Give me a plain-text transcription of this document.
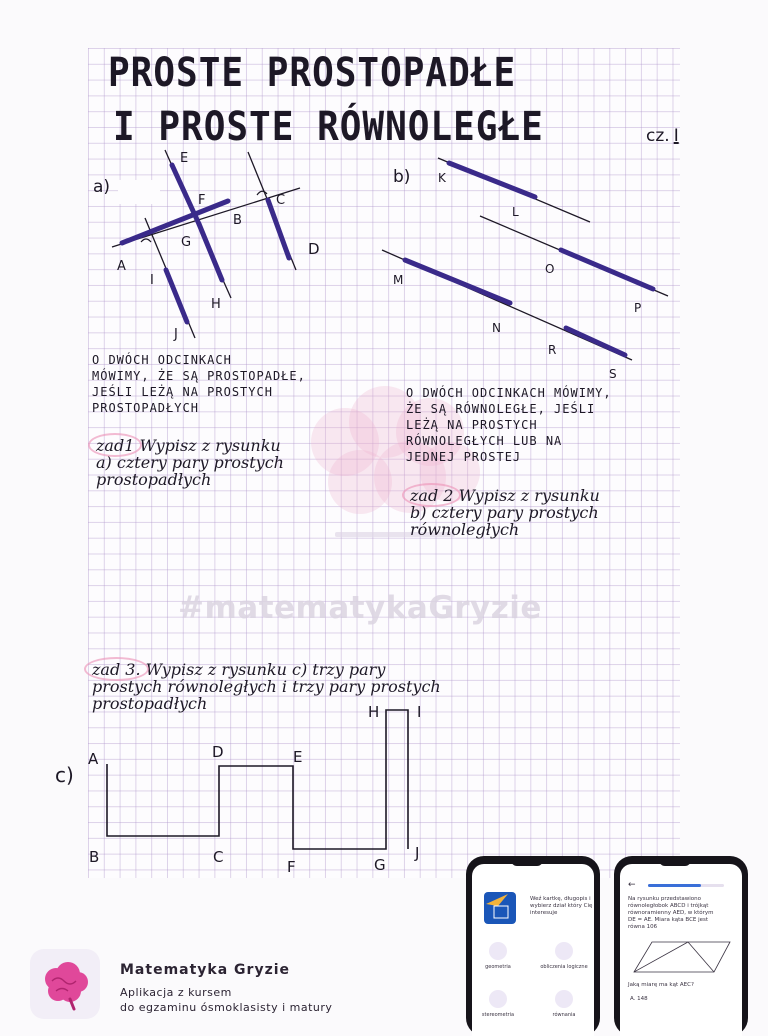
#matematykaGryzie
PROSTE PROSTOPADŁE
I PROSTE RÓWNOLEGŁE	cz. I
a)
E
F	C
B
G	D
A
I
H
J
b) K
L
O
M
P
N
R
S
O DWÓCH ODCINKACH
MÓWIMY, ŻE SĄ PROSTOPADŁE,
JEŚLI LEŻĄ NA PROSTYCH
PROSTOPADŁYCH
O DWÓCH ODCINKACH MÓWIMY,
ŻE SĄ RÓWNOLEGŁE, JEŚLI
LEŻĄ NA PROSTYCH
RÓWNOLEGŁYCH LUB NA
JEDNEJ PROSTEJ
zad1 Wypisz z rysunku
a) cztery pary prostych
prostopadłych
zad 2 Wypisz z rysunku
b) cztery pary prostych
równoległych
zad 3. Wypisz z rysunku c) trzy pary
prostych równoległych i trzy pary prostych
prostopadłych
c)
A
B	C
D	E
F	G
H	I
J
Matematyka Gryzie
Aplikacja z kursem
do egzaminu ósmoklasisty i matury
Weź kartkę, długopis i
wybierz dział który Cię
interesuje
geometria	obliczenia logiczne
stereometria	równania
←
Na rysunku przedstawiono
równoległobok ABCD i trójkąt
równoramienny AED, w którym
DE = AE. Miara kąta BCE jest
równa 106
Jaką miarę ma kąt AEC?
A. 148
